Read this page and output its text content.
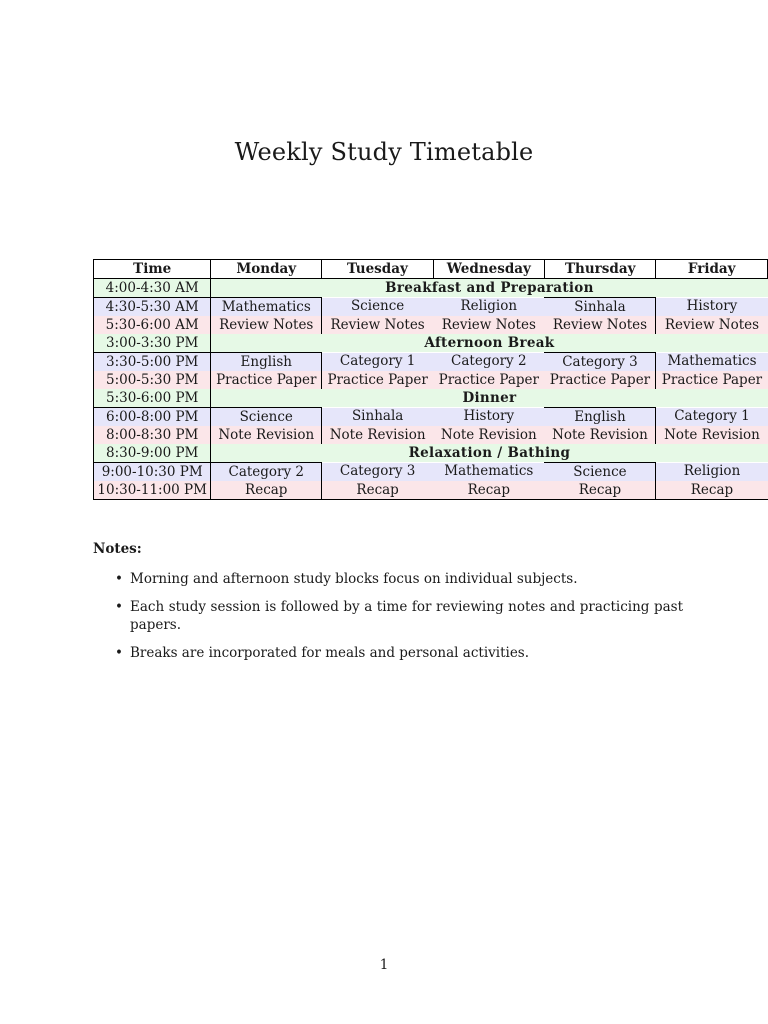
Weekly Study Timetable
Time	Monday	Tuesday	Wednesday	Thursday	Friday
4:00-4:30 AM	Breakfast and Preparation				
4:30-5:30 AM	Mathematics	Science	Religion	Sinhala	History
5:30-6:00 AM	Review Notes	Review Notes	Review Notes	Review Notes	Review Notes
3:00-3:30 PM	Afternoon Break				
3:30-5:00 PM	English	Category 1	Category 2	Category 3	Mathematics
5:00-5:30 PM	Practice Paper	Practice Paper	Practice Paper	Practice Paper	Practice Paper
5:30-6:00 PM	Dinner				
6:00-8:00 PM	Science	Sinhala	History	English	Category 1
8:00-8:30 PM	Note Revision	Note Revision	Note Revision	Note Revision	Note Revision
8:30-9:00 PM	Relaxation / Bathing				
9:00-10:30 PM	Category 2	Category 3	Mathematics	Science	Religion
10:30-11:00 PM	Recap	Recap	Recap	Recap	Recap

Notes:

• Morning and afternoon study blocks focus on individual subjects.
• Each study session is followed by a time for reviewing notes and practicing past papers.
• Breaks are incorporated for meals and personal activities.
1
